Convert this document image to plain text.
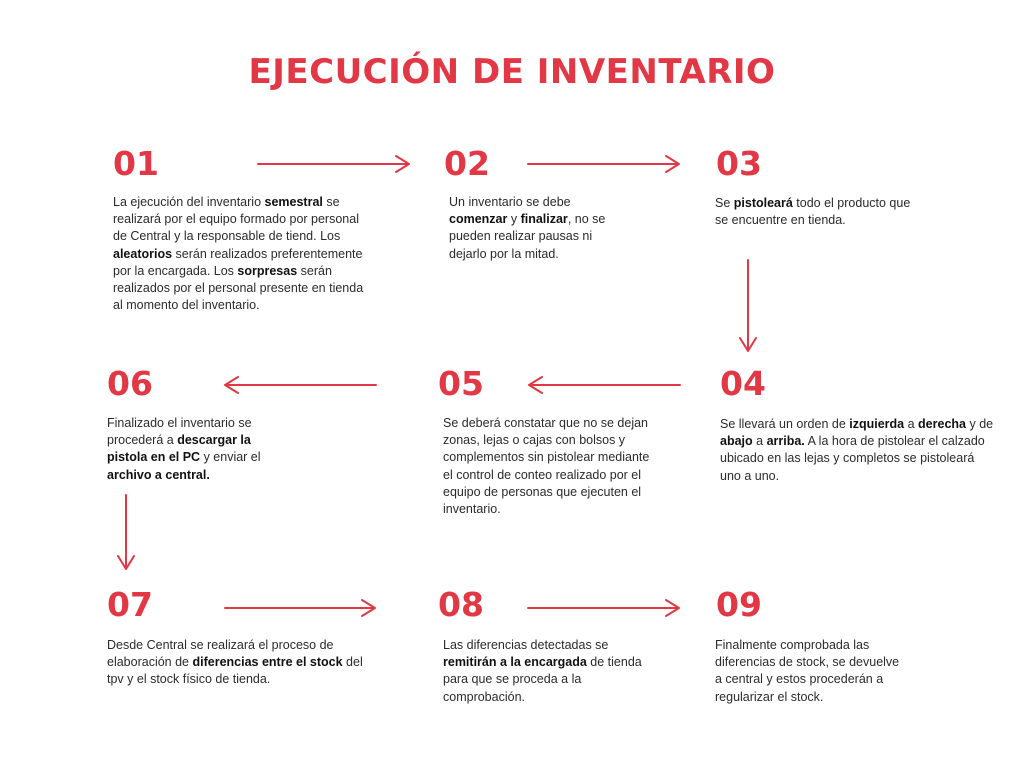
EJECUCIÓN DE INVENTARIO
01
La ejecución del inventario semestral se realizará por el equipo formado por personal de Central y la responsable de tiend. Los aleatorios serán realizados preferentemente por la encargada. Los sorpresas serán realizados por el personal presente en tienda al momento del inventario.
02
Un inventario se debe comenzar y finalizar, no se pueden realizar pausas ni dejarlo por la mitad.
03
Se pistoleará todo el producto que se encuentre en tienda.
06
Finalizado el inventario se procederá a descargar la pistola en el PC y enviar el archivo a central.
05
Se deberá constatar que no se dejan zonas, lejas o cajas con bolsos y complementos sin pistolear mediante el control de conteo realizado por el equipo de personas que ejecuten el inventario.
04
Se llevará un orden de izquierda a derecha y de abajo a arriba. A la hora de pistolear el calzado ubicado en las lejas y completos se pistoleará uno a uno.
07
Desde Central se realizará el proceso de elaboración de diferencias entre el stock del tpv y el stock físico de tienda.
08
Las diferencias detectadas se remitirán a la encargada de tienda para que se proceda a la comprobación.
09
Finalmente comprobada las diferencias de stock, se devuelve a central y estos procederán a regularizar el stock.
